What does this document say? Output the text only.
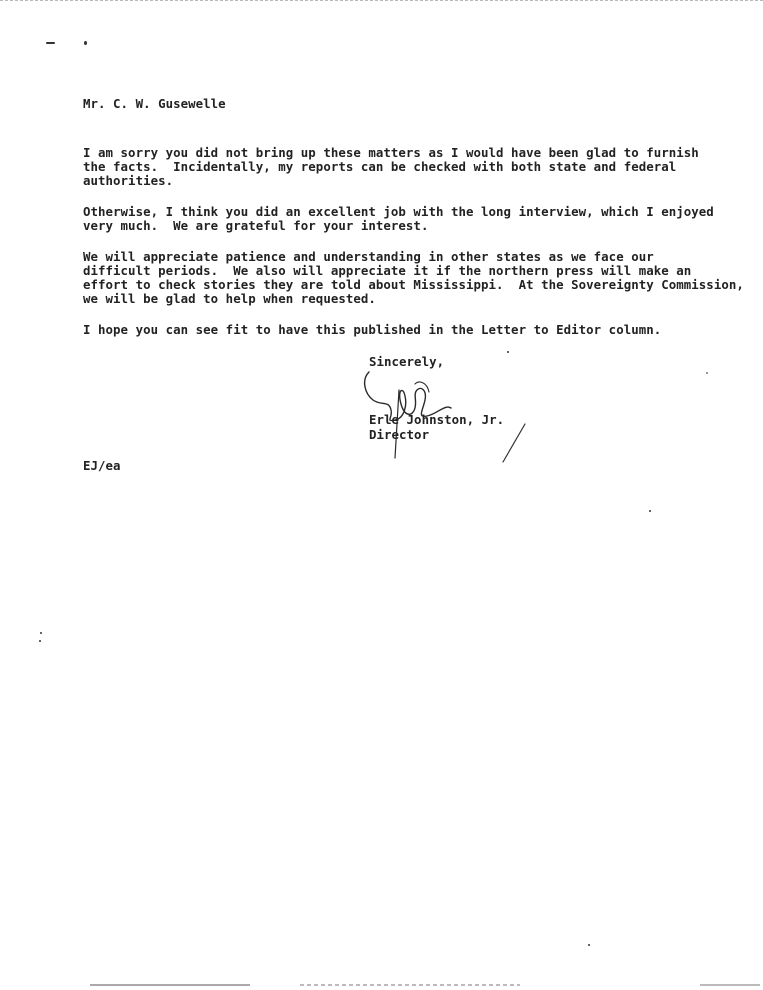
Mr. C. W. Gusewelle
I am sorry you did not bring up these matters as I would have been glad to furnish
the facts.  Incidentally, my reports can be checked with both state and federal
authorities.
Otherwise, I think you did an excellent job with the long interview, which I enjoyed
very much.  We are grateful for your interest.
We will appreciate patience and understanding in other states as we face our
difficult periods.  We also will appreciate it if the northern press will make an
effort to check stories they are told about Mississippi.  At the Sovereignty Commission,
we will be glad to help when requested.
I hope you can see fit to have this published in the Letter to Editor column.
Sincerely,
Erle Johnston, Jr.
Director
EJ/ea
